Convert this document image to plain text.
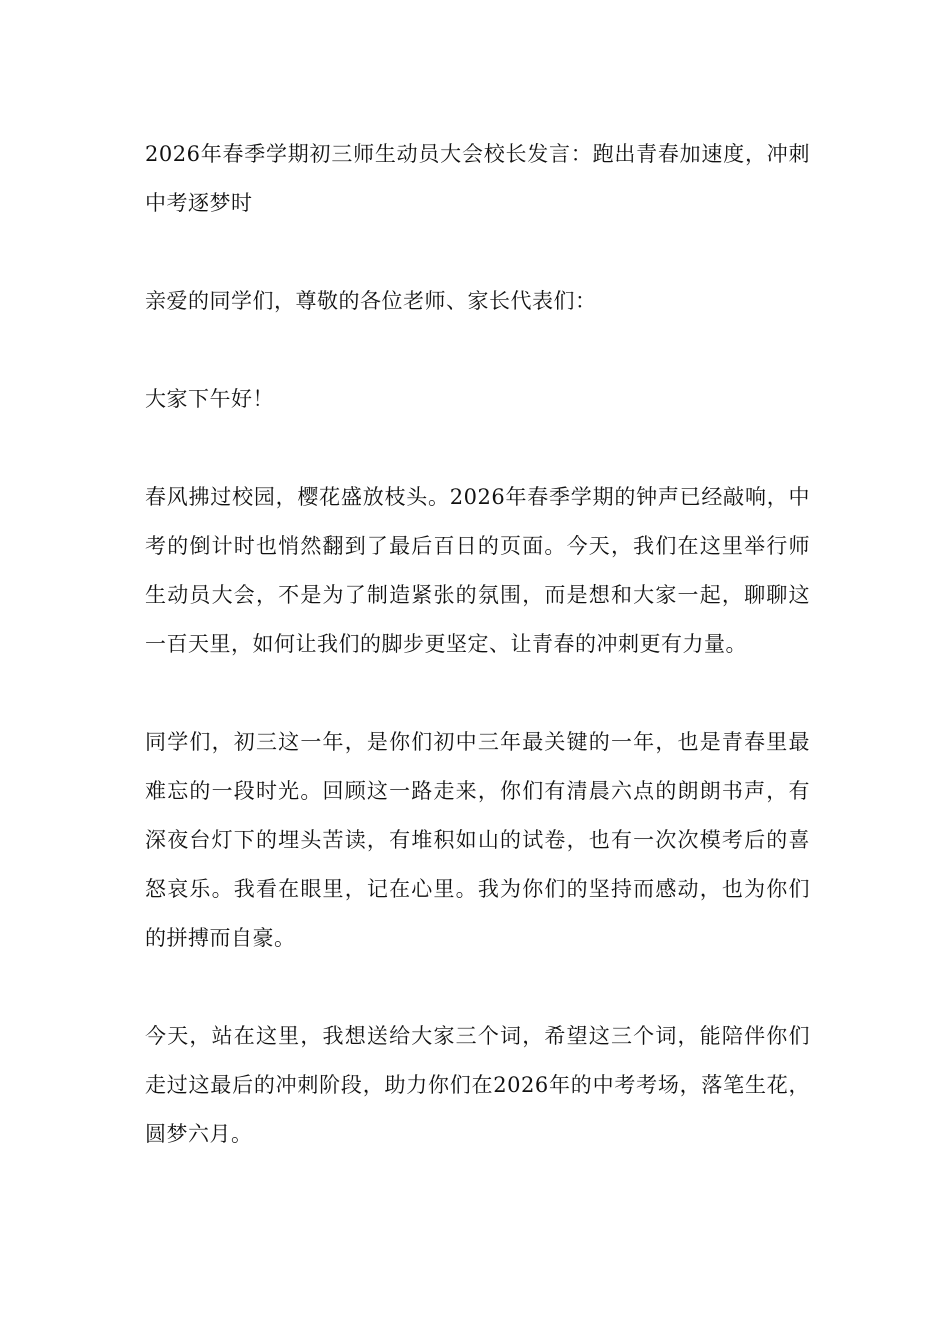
2026年春季学期初三师生动员大会校长发言：跑出青春加速度，冲刺中考逐梦时

亲爱的同学们，尊敬的各位老师、家长代表们：

大家下午好！

春风拂过校园，樱花盛放枝头。2026年春季学期的钟声已经敲响，中考的倒计时也悄然翻到了最后百日的页面。今天，我们在这里举行师生动员大会，不是为了制造紧张的氛围，而是想和大家一起，聊聊这一百天里，如何让我们的脚步更坚定、让青春的冲刺更有力量。

同学们，初三这一年，是你们初中三年最关键的一年，也是青春里最难忘的一段时光。回顾这一路走来，你们有清晨六点的朗朗书声，有深夜台灯下的埋头苦读，有堆积如山的试卷，也有一次次模考后的喜怒哀乐。我看在眼里，记在心里。我为你们的坚持而感动，也为你们的拼搏而自豪。

今天，站在这里，我想送给大家三个词，希望这三个词，能陪伴你们走过这最后的冲刺阶段，助力你们在2026年的中考考场，落笔生花，圆梦六月。
